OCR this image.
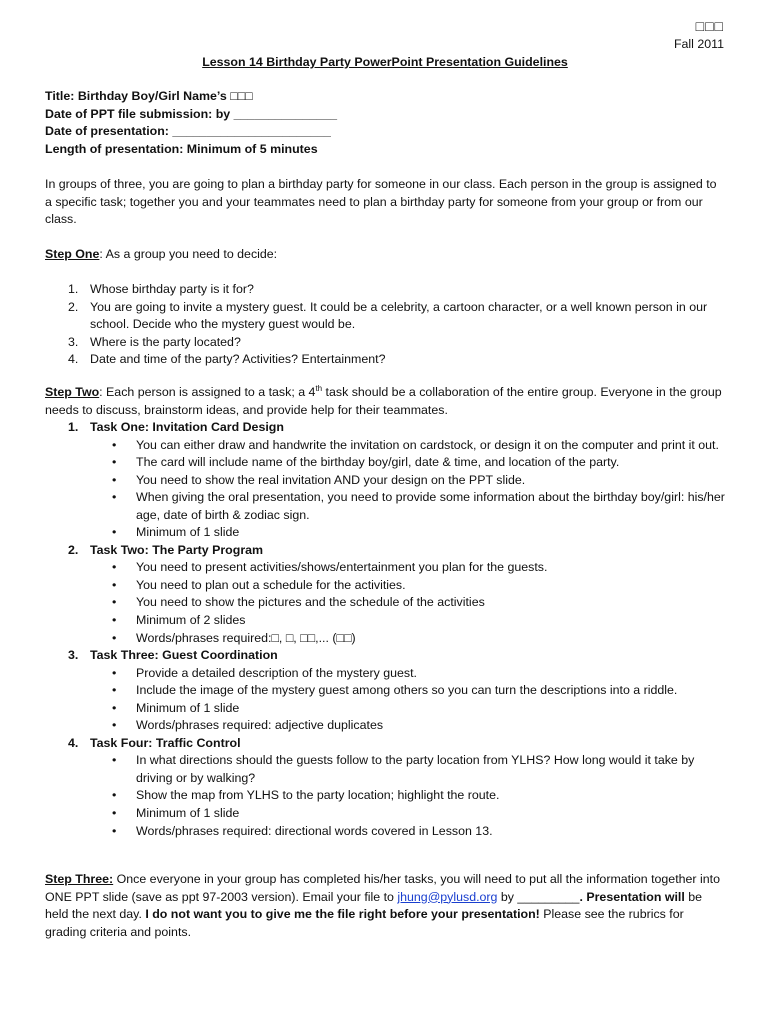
□□□
Fall 2011
Lesson 14 Birthday Party PowerPoint Presentation Guidelines
Title: Birthday Boy/Girl Name’s □□□
Date of PPT file submission: by _______________
Date of presentation: _______________________
Length of presentation: Minimum of 5 minutes
In groups of three, you are going to plan a birthday party for someone in our class. Each person in the group is assigned to a specific task; together you and your teammates need to plan a birthday party for someone from your group or from our class.
Step One: As a group you need to decide:
1. Whose birthday party is it for?
2. You are going to invite a mystery guest. It could be a celebrity, a cartoon character, or a well known person in our school. Decide who the mystery guest would be.
3. Where is the party located?
4. Date and time of the party? Activities? Entertainment?
Step Two: Each person is assigned to a task; a 4th task should be a collaboration of the entire group. Everyone in the group needs to discuss, brainstorm ideas, and provide help for their teammates.
1. Task One: Invitation Card Design
•	You can either draw and handwrite the invitation on cardstock, or design it on the computer and print it out.
•	The card will include name of the birthday boy/girl, date & time, and location of the party.
•	You need to show the real invitation AND your design on the PPT slide.
•	When giving the oral presentation, you need to provide some information about the birthday boy/girl: his/her age, date of birth & zodiac sign.
•	Minimum of 1 slide
2. Task Two: The Party Program
•	You need to present activities/shows/entertainment you plan for the guests.
•	You need to plan out a schedule for the activities.
•	You need to show the pictures and the schedule of the activities
•	Minimum of 2 slides
•	Words/phrases required:□, □, □□,... (□□)
3. Task Three: Guest Coordination
•	Provide a detailed description of the mystery guest.
•	Include the image of the mystery guest among others so you can turn the descriptions into a riddle.
•	Minimum of 1 slide
•	Words/phrases required: adjective duplicates
4. Task Four: Traffic Control
•	In what directions should the guests follow to the party location from YLHS? How long would it take by driving or by walking?
•	Show the map from YLHS to the party location; highlight the route.
•	Minimum of 1 slide
•	Words/phrases required: directional words covered in Lesson 13.
Step Three: Once everyone in your group has completed his/her tasks, you will need to put all the information together into ONE PPT slide (save as ppt 97-2003 version). Email your file to jhung@pylusd.org by _________. Presentation will be held the next day. I do not want you to give me the file right before your presentation! Please see the rubrics for grading criteria and points.
